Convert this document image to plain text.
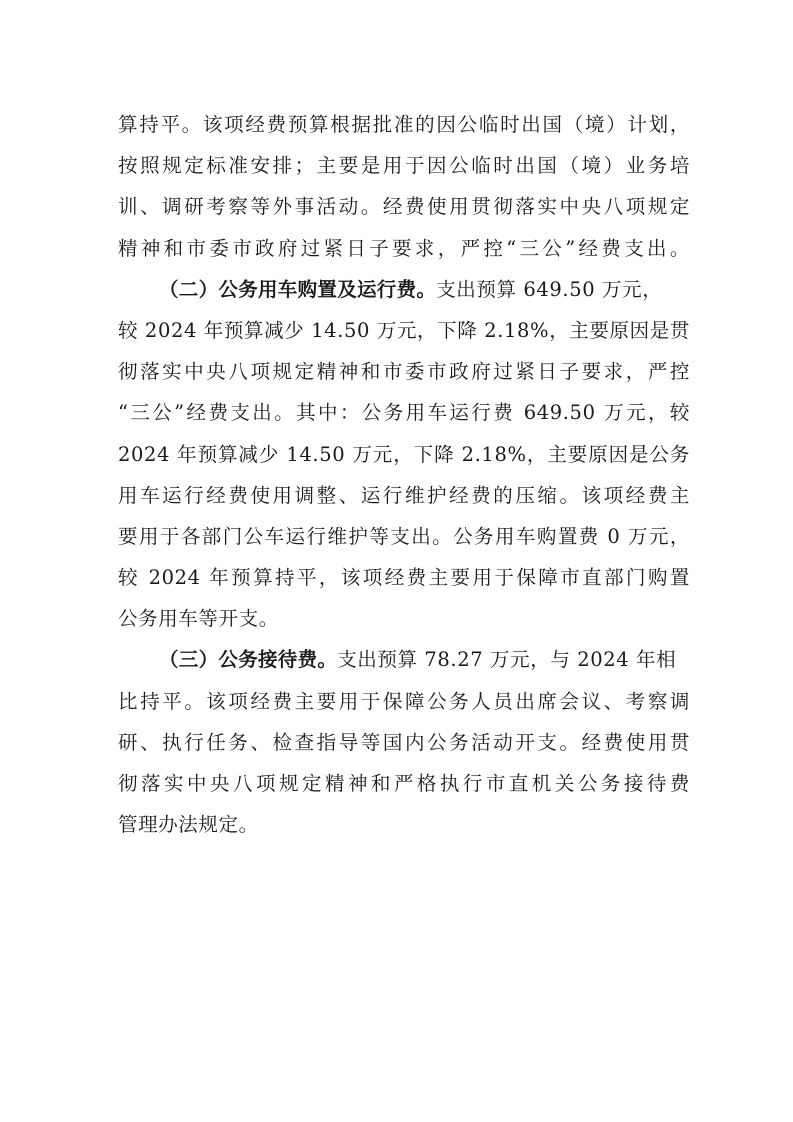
算持平。该项经费预算根据批准的因公临时出国（境）计划，
按照规定标准安排；主要是用于因公临时出国（境）业务培
训、调研考察等外事活动。经费使用贯彻落实中央八项规定
精神和市委市政府过紧日子要求，严控“三公”经费支出。
（二）公务用车购置及运行费。支出预算 649.50 万元，
较 2024 年预算减少 14.50 万元，下降 2.18%，主要原因是贯
彻落实中央八项规定精神和市委市政府过紧日子要求，严控
“三公”经费支出。其中：公务用车运行费 649.50 万元，较
2024 年预算减少 14.50 万元，下降 2.18%，主要原因是公务
用车运行经费使用调整、运行维护经费的压缩。该项经费主
要用于各部门公车运行维护等支出。公务用车购置费 0 万元，
较 2024 年预算持平，该项经费主要用于保障市直部门购置
公务用车等开支。
（三）公务接待费。支出预算 78.27 万元，与 2024 年相
比持平。该项经费主要用于保障公务人员出席会议、考察调
研、执行任务、检查指导等国内公务活动开支。经费使用贯
彻落实中央八项规定精神和严格执行市直机关公务接待费
管理办法规定。
